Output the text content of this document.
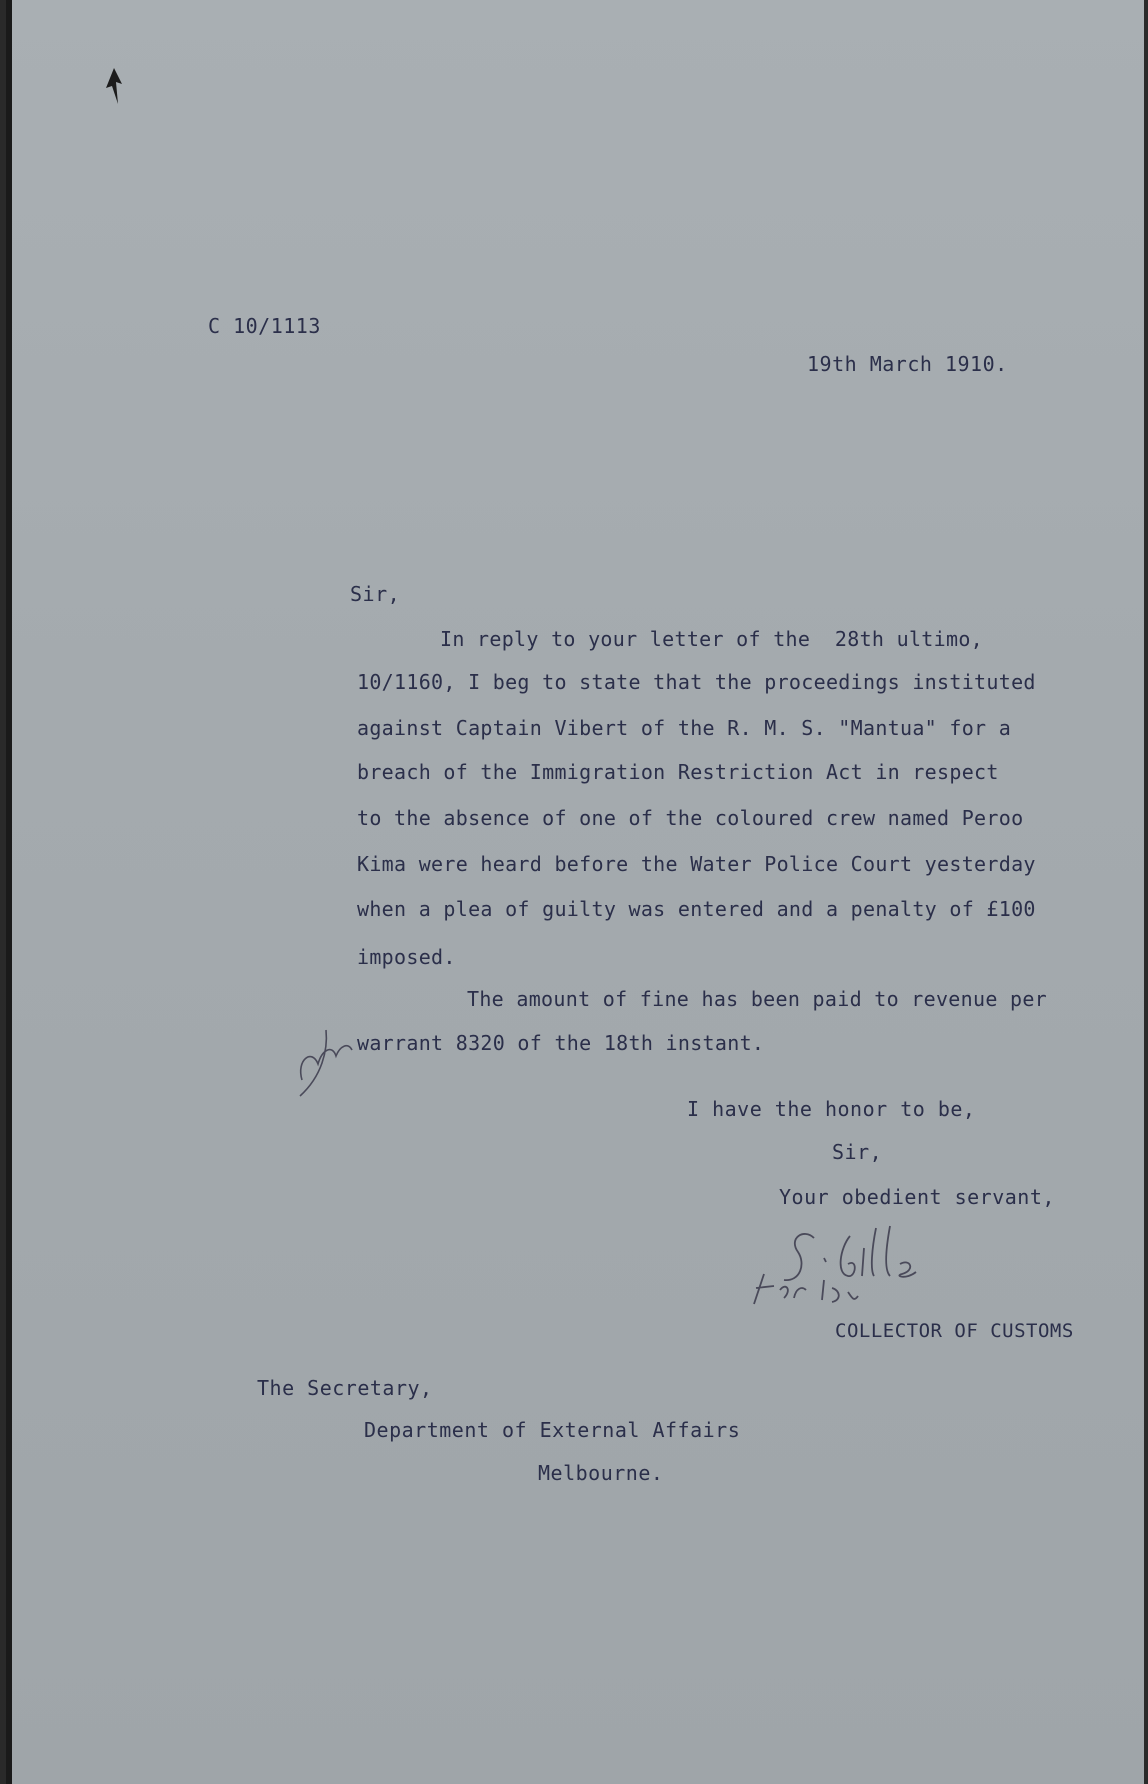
C 10/1113
19th March 1910.
Sir,
In reply to your letter of the  28th ultimo,
10/1160, I beg to state that the proceedings instituted
against Captain Vibert of the R. M. S. "Mantua" for a
breach of the Immigration Restriction Act in respect
to the absence of one of the coloured crew named Peroo
Kima were heard before the Water Police Court yesterday
when a plea of guilty was entered and a penalty of £100
imposed.
The amount of fine has been paid to revenue per
warrant 8320 of the 18th instant.
I have the honor to be,
Sir,
Your obedient servant,
COLLECTOR OF CUSTOMS
The Secretary,
Department of External Affairs
Melbourne.
